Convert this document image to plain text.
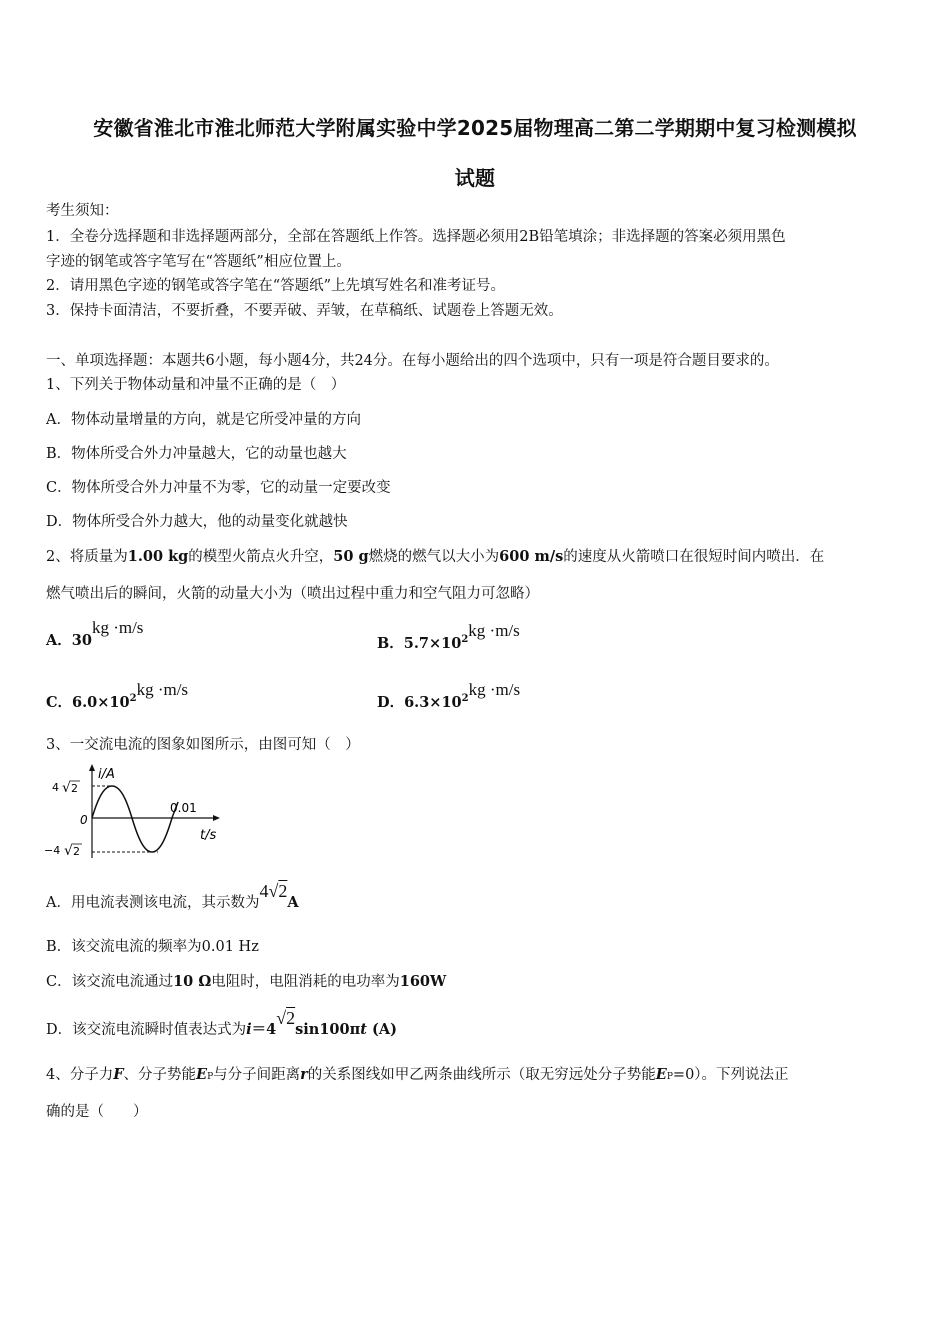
安徽省淮北市淮北师范大学附属实验中学2025届物理高二第二学期期中复习检测模拟
试题
考生须知：
1．全卷分选择题和非选择题两部分，全部在答题纸上作答。选择题必须用2B铅笔填涂；非选择题的答案必须用黑色
字迹的钢笔或答字笔写在“答题纸”相应位置上。
2．请用黑色字迹的钢笔或答字笔在“答题纸”上先填写姓名和准考证号。
3．保持卡面清洁，不要折叠，不要弄破、弄皱，在草稿纸、试题卷上答题无效。
一、单项选择题：本题共6小题，每小题4分，共24分。在每小题给出的四个选项中，只有一项是符合题目要求的。
1、下列关于物体动量和冲量不正确的是（　）
A．物体动量增量的方向，就是它所受冲量的方向
B．物体所受合外力冲量越大，它的动量也越大
C．物体所受合外力冲量不为零，它的动量一定要改变
D．物体所受合外力越大，他的动量变化就越快
2、将质量为1.00 kg的模型火箭点火升空，50 g燃烧的燃气以大小为600 m/s的速度从火箭喷口在很短时间内喷出．在
燃气喷出后的瞬间，火箭的动量大小为（喷出过程中重力和空气阻力可忽略）
A．30kg ·m/s
B．$5.7\times 10^2kg \cdot m/s$
C．$6.0\times 10^2kg \cdot m/s$
D．$6.3\times 10^2kg \cdot m/s$
3、一交流电流的图象如图所示，由图可知（　）
i/A
t/s
0
0.01
4 √ 2
−4 √ 2
A．用电流表测该电流，其示数为4√2A
B．该交流电流的频率为0.01 Hz
C．该交流电流通过10 Ω电阻时，电阻消耗的电功率为160W
D．该交流电流瞬时值表达式为i＝4√2sin100πt (A)
4、分子力F、分子势能EP与分子间距离r的关系图线如甲乙两条曲线所示（取无穷远处分子势能EP=0）。下列说法正
确的是（　　）
